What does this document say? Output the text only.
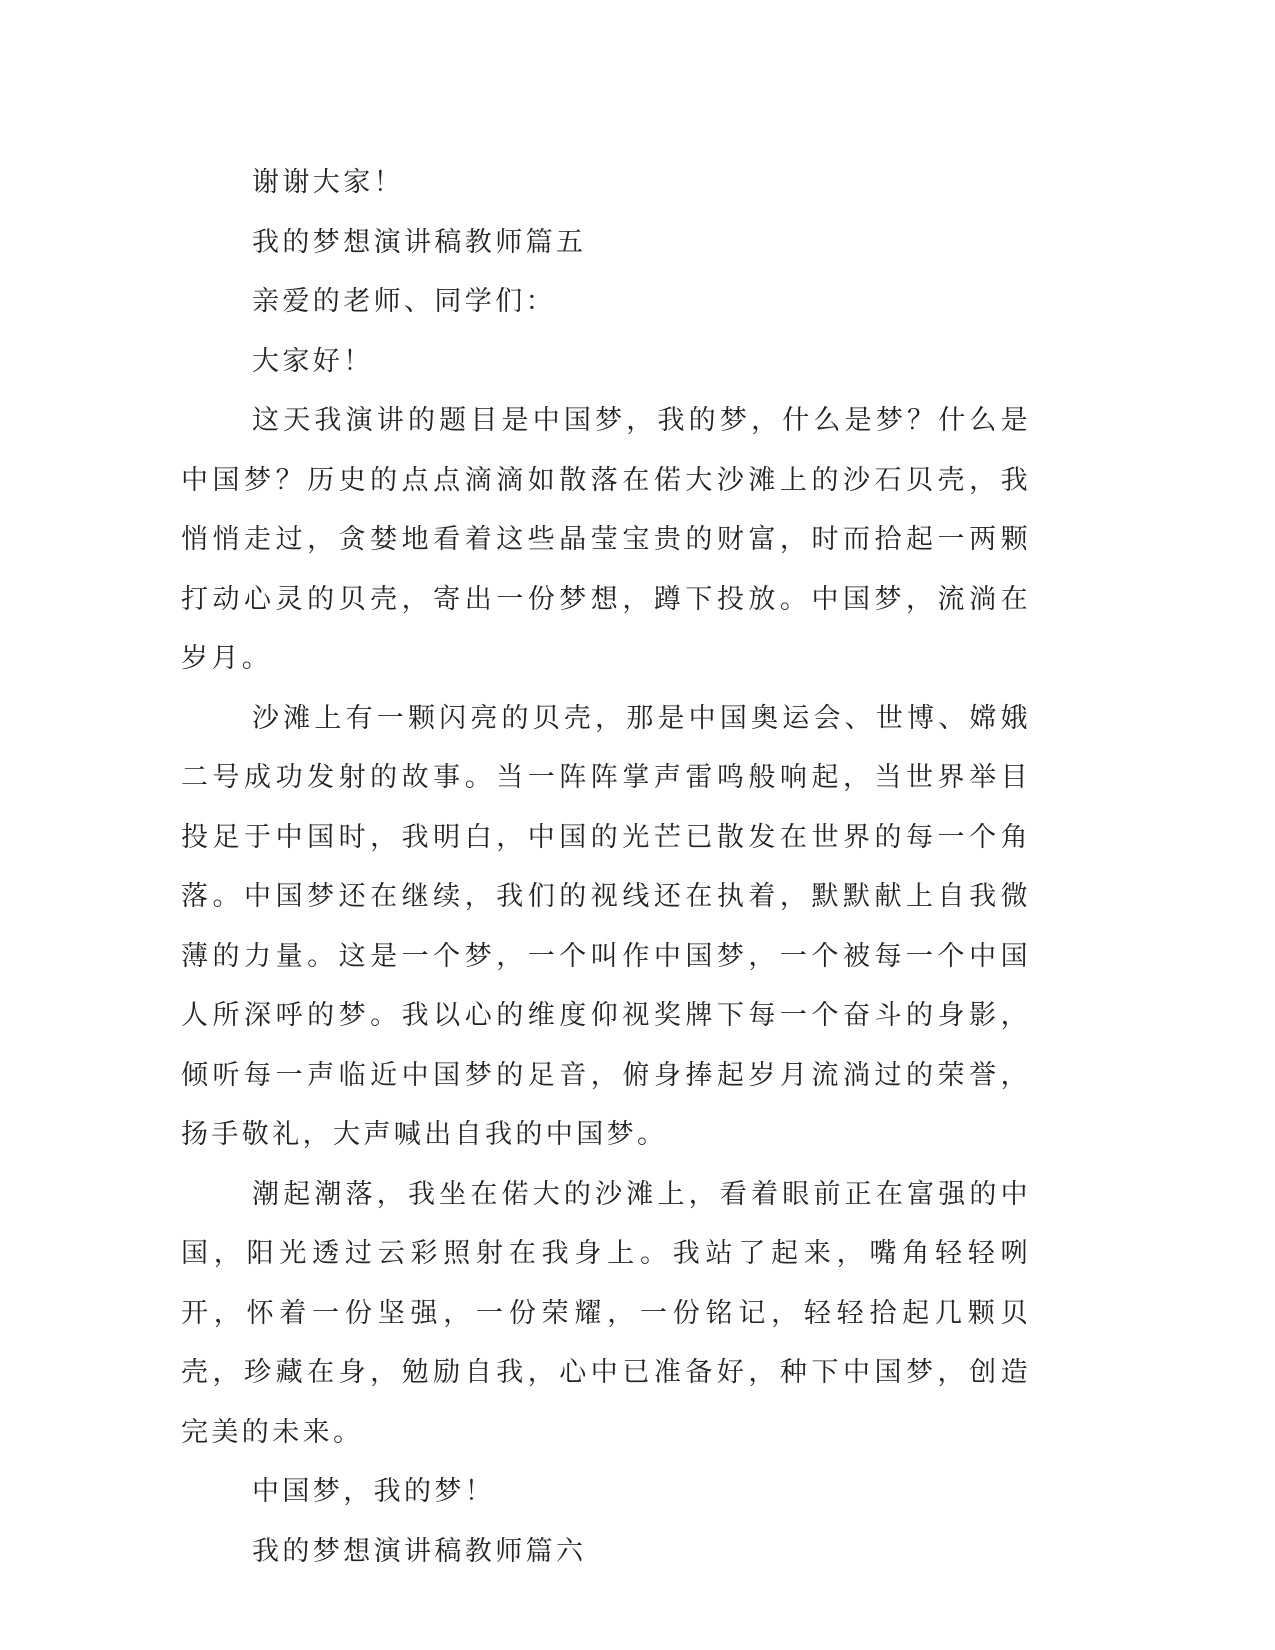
谢谢大家！

我的梦想演讲稿教师篇五

亲爱的老师、同学们：

大家好！

这天我演讲的题目是中国梦，我的梦，什么是梦？什么是中国梦？历史的点点滴滴如散落在偌大沙滩上的沙石贝壳，我悄悄走过，贪婪地看着这些晶莹宝贵的财富，时而拾起一两颗打动心灵的贝壳，寄出一份梦想，蹲下投放。中国梦，流淌在岁月。

沙滩上有一颗闪亮的贝壳，那是中国奥运会、世博、嫦娥二号成功发射的故事。当一阵阵掌声雷鸣般响起，当世界举目投足于中国时，我明白，中国的光芒已散发在世界的每一个角落。中国梦还在继续，我们的视线还在执着，默默献上自我微薄的力量。这是一个梦，一个叫作中国梦，一个被每一个中国人所深呼的梦。我以心的维度仰视奖牌下每一个奋斗的身影，倾听每一声临近中国梦的足音，俯身捧起岁月流淌过的荣誉，扬手敬礼，大声喊出自我的中国梦。

潮起潮落，我坐在偌大的沙滩上，看着眼前正在富强的中国，阳光透过云彩照射在我身上。我站了起来，嘴角轻轻咧开，怀着一份坚强，一份荣耀，一份铭记，轻轻拾起几颗贝壳，珍藏在身，勉励自我，心中已准备好，种下中国梦，创造完美的未来。

中国梦，我的梦！

我的梦想演讲稿教师篇六
